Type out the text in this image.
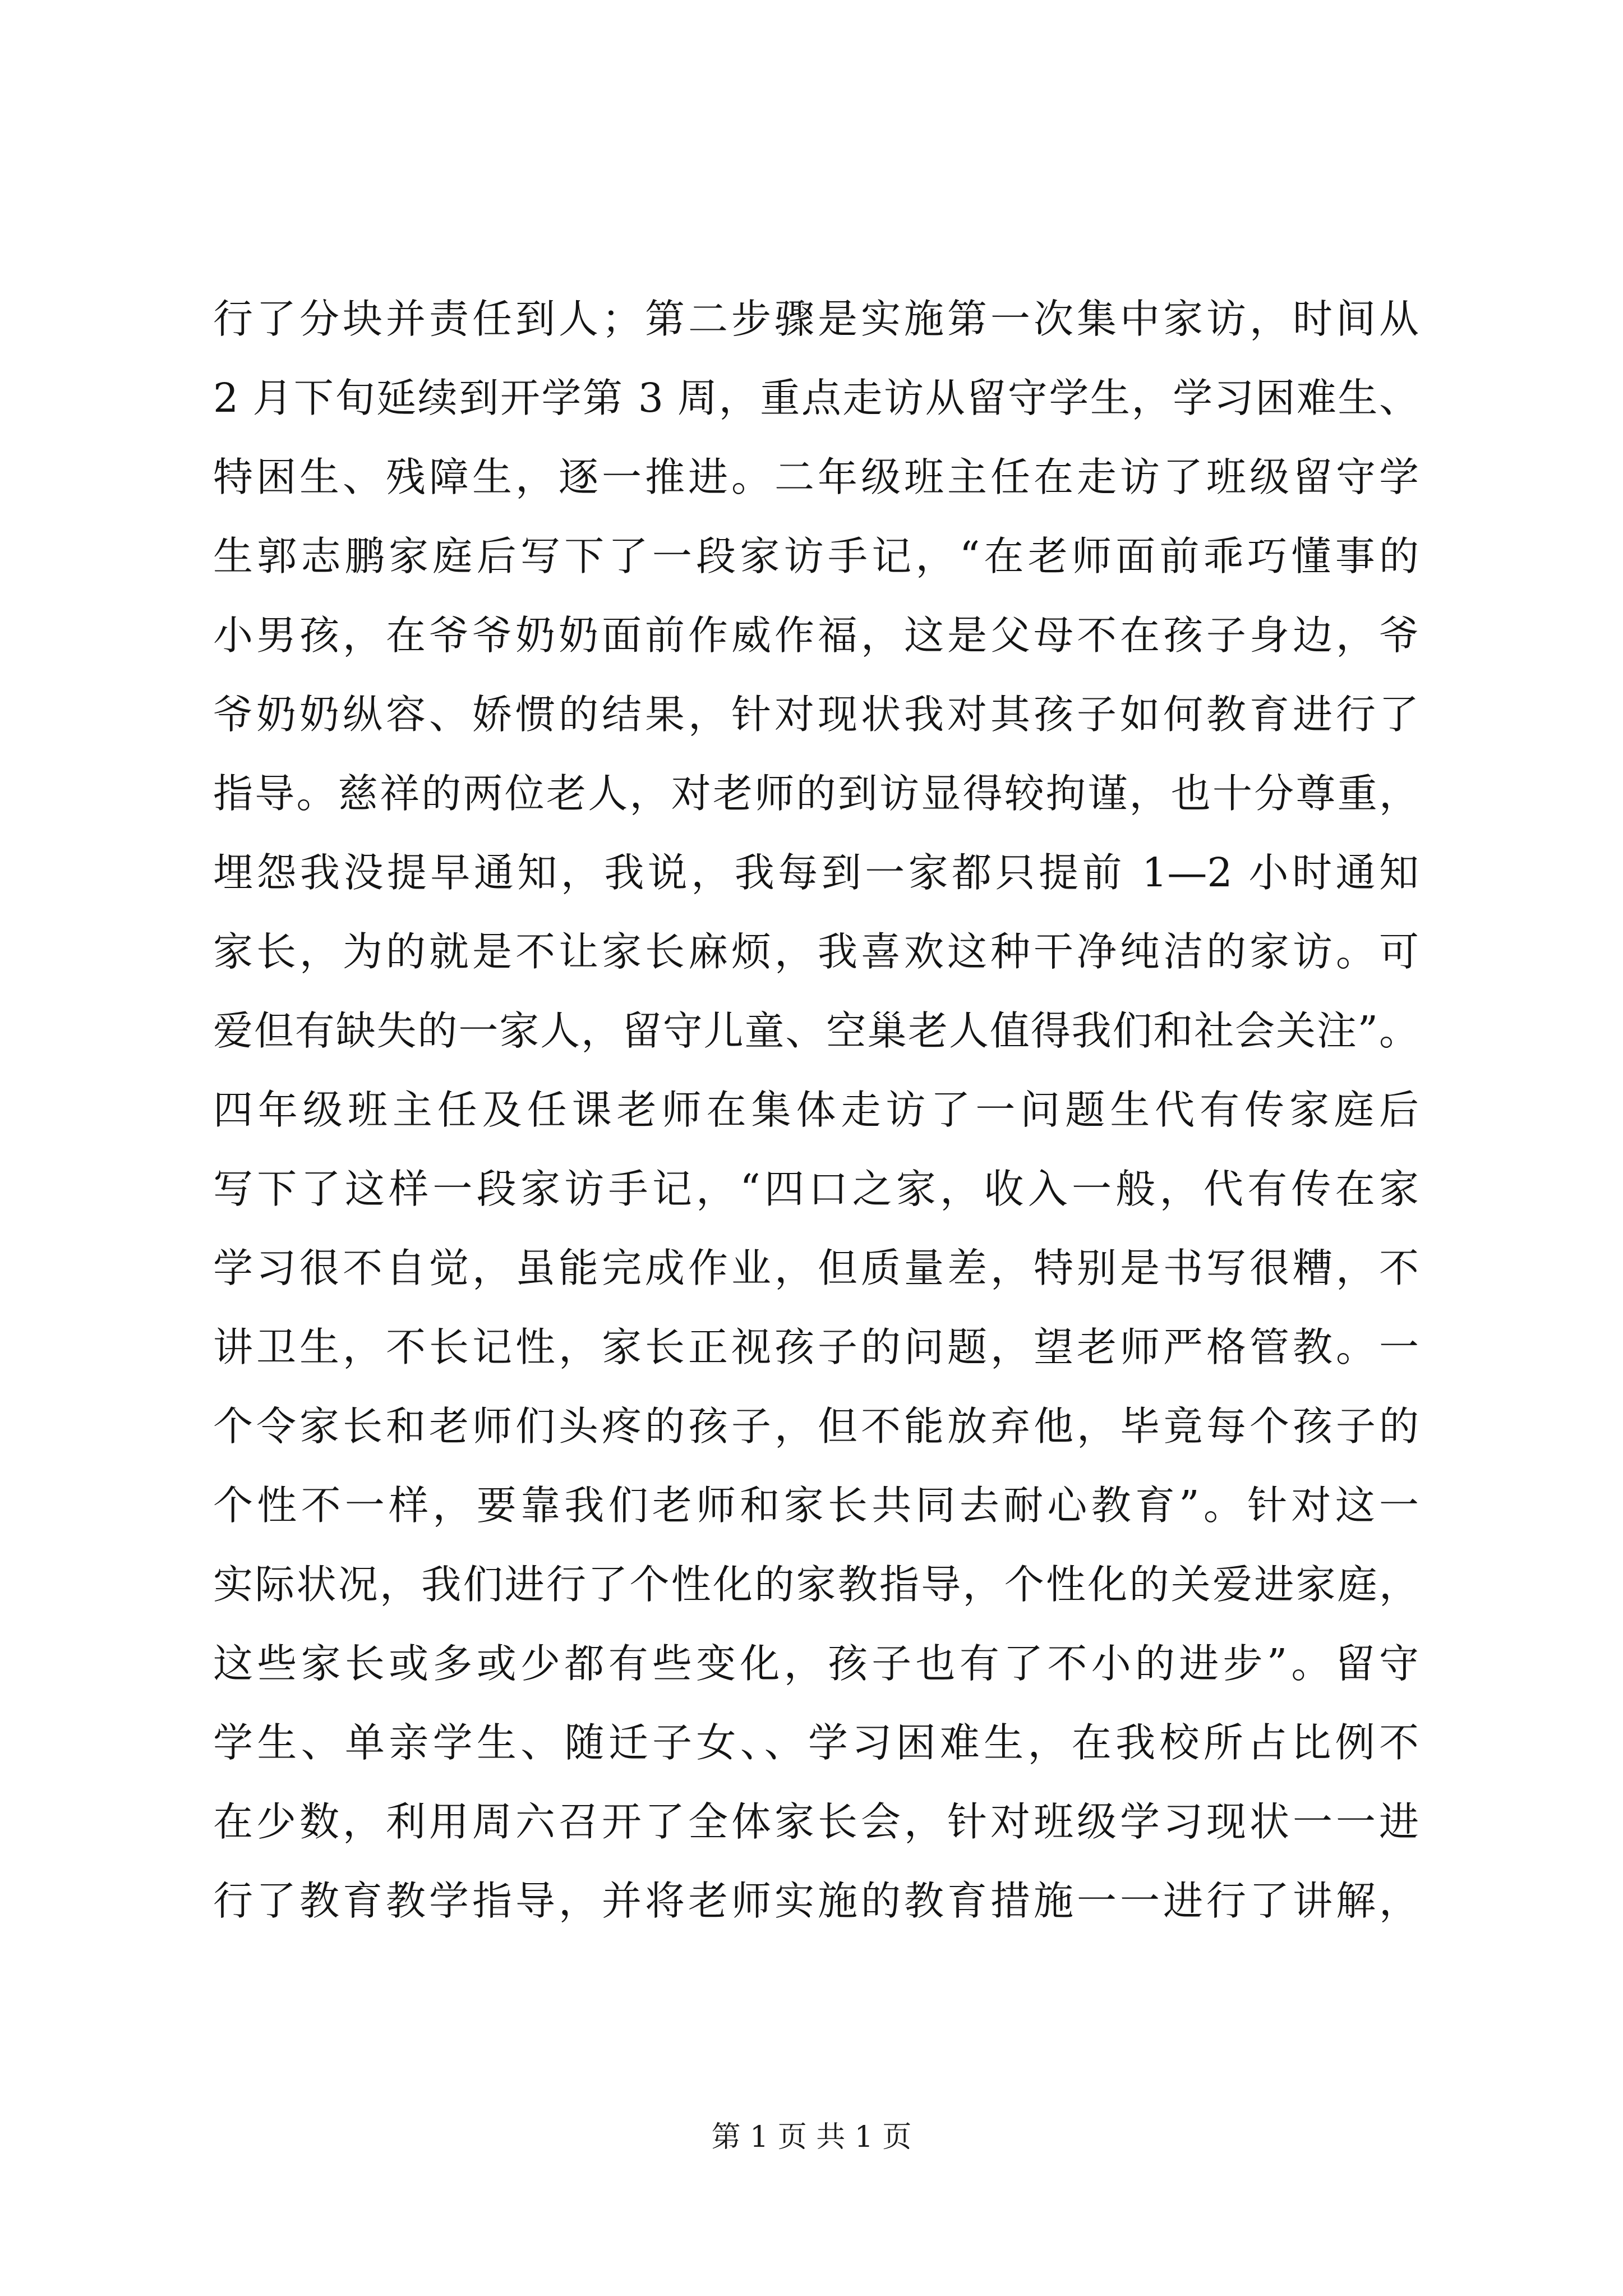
行了分块并责任到人；第二步骤是实施第一次集中家访，时间从
2 月下旬延续到开学第 3 周，重点走访从留守学生，学习困难生、
特困生、残障生，逐一推进。二年级班主任在走访了班级留守学
生郭志鹏家庭后写下了一段家访手记，“在老师面前乖巧懂事的
小男孩，在爷爷奶奶面前作威作福，这是父母不在孩子身边，爷
爷奶奶纵容、娇惯的结果，针对现状我对其孩子如何教育进行了
指导。慈祥的两位老人，对老师的到访显得较拘谨，也十分尊重，
埋怨我没提早通知，我说，我每到一家都只提前 1—2 小时通知
家长，为的就是不让家长麻烦，我喜欢这种干净纯洁的家访。可
爱但有缺失的一家人，留守儿童、空巢老人值得我们和社会关注”。
四年级班主任及任课老师在集体走访了一问题生代有传家庭后
写下了这样一段家访手记，“四口之家，收入一般，代有传在家
学习很不自觉，虽能完成作业，但质量差，特别是书写很糟，不
讲卫生，不长记性，家长正视孩子的问题，望老师严格管教。一
个令家长和老师们头疼的孩子，但不能放弃他，毕竟每个孩子的
个性不一样，要靠我们老师和家长共同去耐心教育”。针对这一
实际状况，我们进行了个性化的家教指导，个性化的关爱进家庭，
这些家长或多或少都有些变化，孩子也有了不小的进步”。留守
学生、单亲学生、随迁子女、、学习困难生，在我校所占比例不
在少数，利用周六召开了全体家长会，针对班级学习现状一一进
行了教育教学指导，并将老师实施的教育措施一一进行了讲解，
第 1 页 共 1 页
